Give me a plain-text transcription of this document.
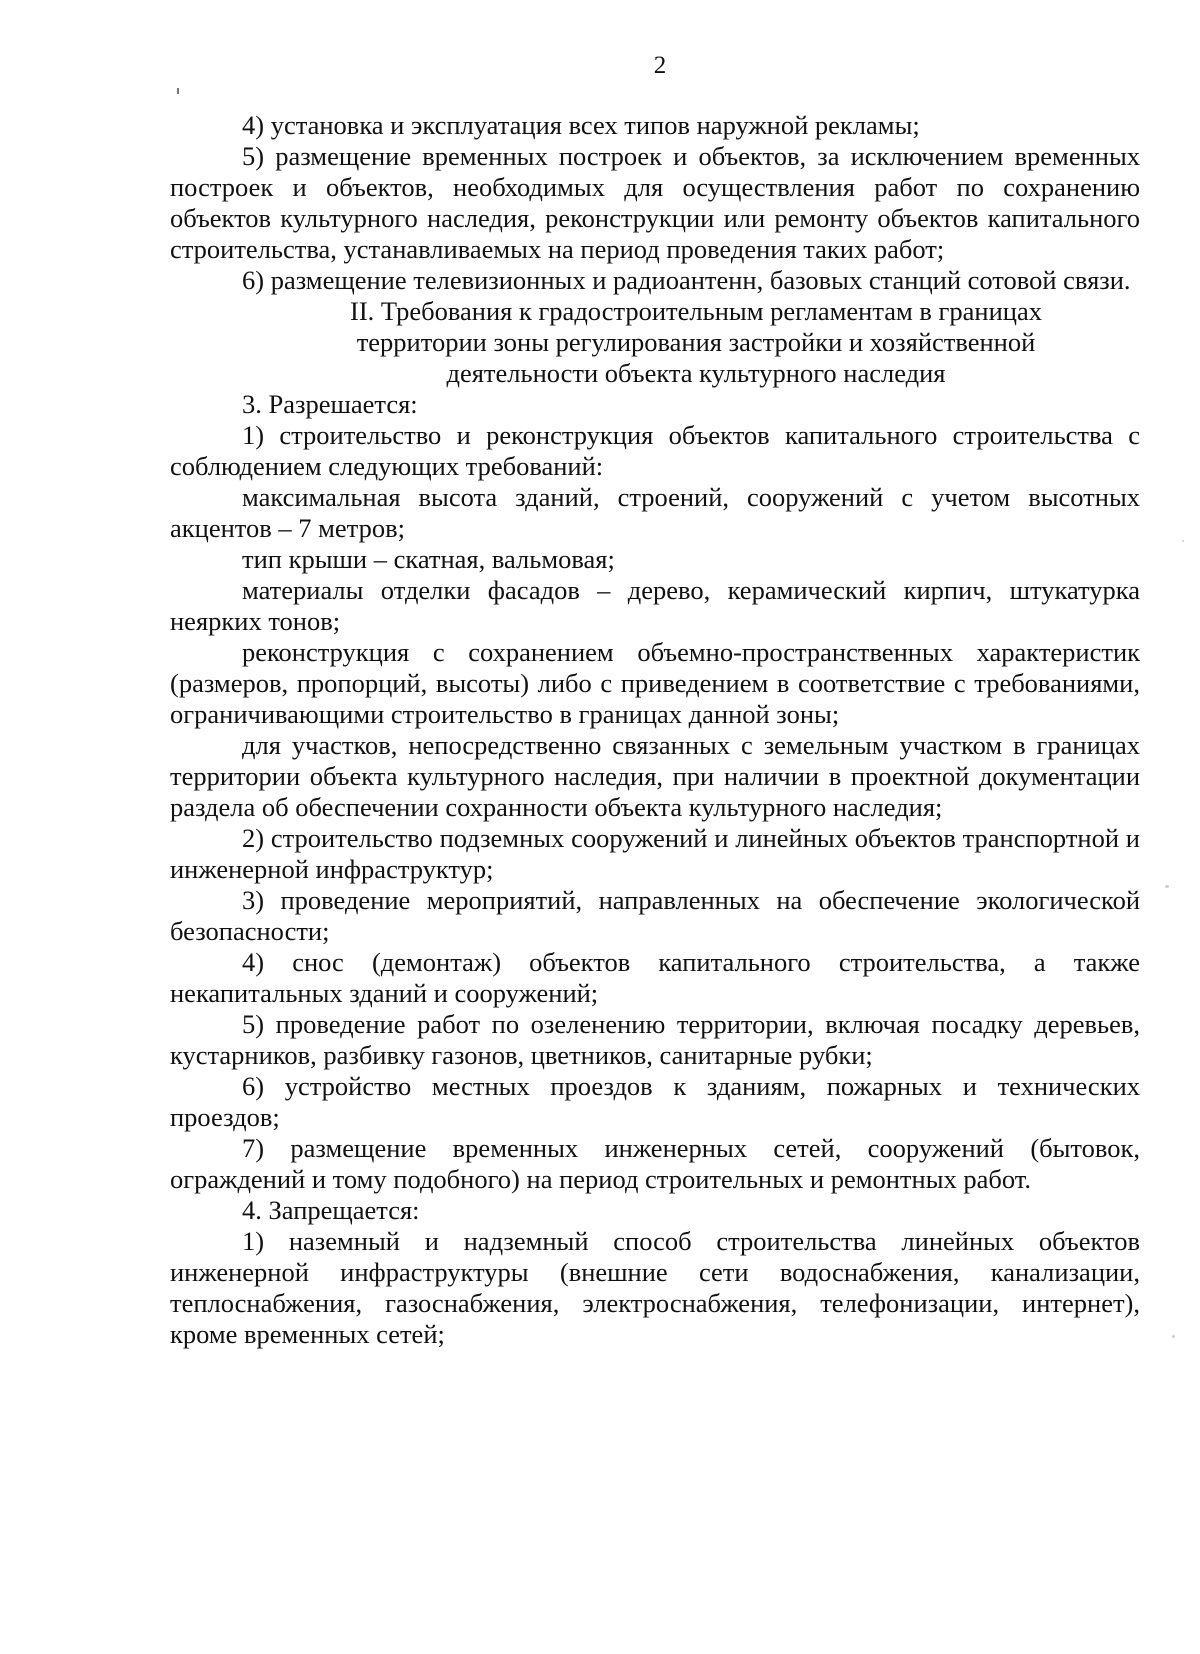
2

4) установка и эксплуатация всех типов наружной рекламы;

5) размещение временных построек и объектов, за исключением временных построек и объектов, необходимых для осуществления работ по сохранению объектов культурного наследия, реконструкции или ремонту объектов капитального строительства, устанавливаемых на период проведения таких работ;

6) размещение телевизионных и радиоантенн, базовых станций сотовой связи.

II. Требования к градостроительным регламентам в границах
территории зоны регулирования застройки и хозяйственной
деятельности объекта культурного наследия

3. Разрешается:

1) строительство и реконструкция объектов капитального строительства с соблюдением следующих требований:

максимальная высота зданий, строений, сооружений с учетом высотных акцентов – 7 метров;

тип крыши – скатная, вальмовая;

материалы отделки фасадов – дерево, керамический кирпич, штукатурка неярких тонов;

реконструкция с сохранением объемно-пространственных характеристик (размеров, пропорций, высоты) либо с приведением в соответствие с требованиями, ограничивающими строительство в границах данной зоны;

для участков, непосредственно связанных с земельным участком в границах территории объекта культурного наследия, при наличии в проектной документации раздела об обеспечении сохранности объекта культурного наследия;

2) строительство подземных сооружений и линейных объектов транспортной и инженерной инфраструктур;

3) проведение мероприятий, направленных на обеспечение экологической безопасности;

4) снос (демонтаж) объектов капитального строительства, а также некапитальных зданий и сооружений;

5) проведение работ по озеленению территории, включая посадку деревьев, кустарников, разбивку газонов, цветников, санитарные рубки;

6) устройство местных проездов к зданиям, пожарных и технических проездов;

7) размещение временных инженерных сетей, сооружений (бытовок, ограждений и тому подобного) на период строительных и ремонтных работ.

4. Запрещается:

1) наземный и надземный способ строительства линейных объектов инженерной инфраструктуры (внешние сети водоснабжения, канализации, теплоснабжения, газоснабжения, электроснабжения, телефонизации, интернет), кроме временных сетей;
